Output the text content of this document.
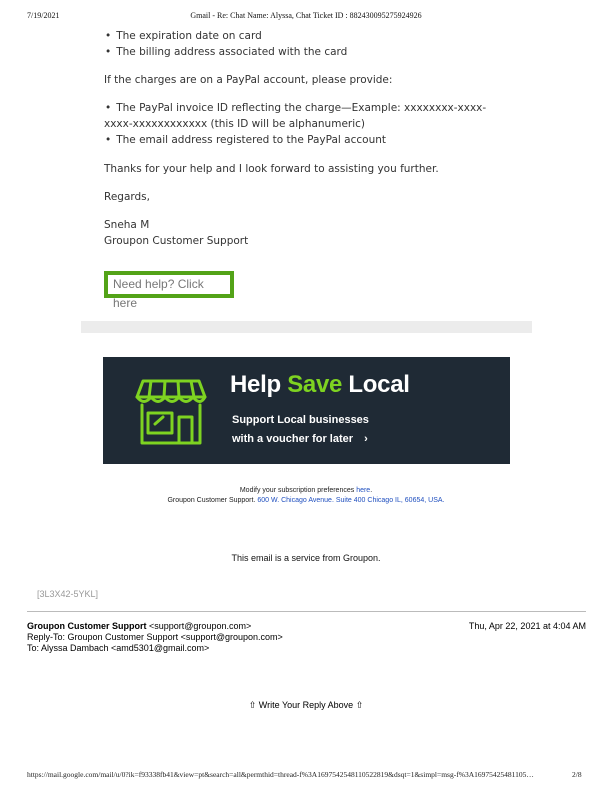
7/19/2021	Gmail - Re: Chat Name: Alyssa, Chat Ticket ID : 882430095275924926
• The expiration date on card
• The billing address associated with the card
If the charges are on a PayPal account, please provide:
• The PayPal invoice ID reflecting the charge—Example: xxxxxxxx-xxxx-
xxxx-xxxxxxxxxxxx (this ID will be alphanumeric)
• The email address registered to the PayPal account
Thanks for your help and I look forward to assisting you further.
Regards,
Sneha M
Groupon Customer Support
Need help? Click here
Help Save Local
Support Local businesses
with a voucher for later ›
Modify your subscription preferences here.
Groupon Customer Support. 600 W. Chicago Avenue. Suite 400 Chicago IL, 60654, USA.
This email is a service from Groupon.
[3L3X42-5YKL]
Groupon Customer Support <support@groupon.com>	Thu, Apr 22, 2021 at 4:04 AM
Reply-To: Groupon Customer Support <support@groupon.com>
To: Alyssa Dambach <amd5301@gmail.com>
⇧ Write Your Reply Above ⇧
https://mail.google.com/mail/u/0?ik=f93338fb41&view=pt&search=all&permthid=thread-f%3A1697542548110522819&dsqt=1&simpl=msg-f%3A16975425481105…	2/8
